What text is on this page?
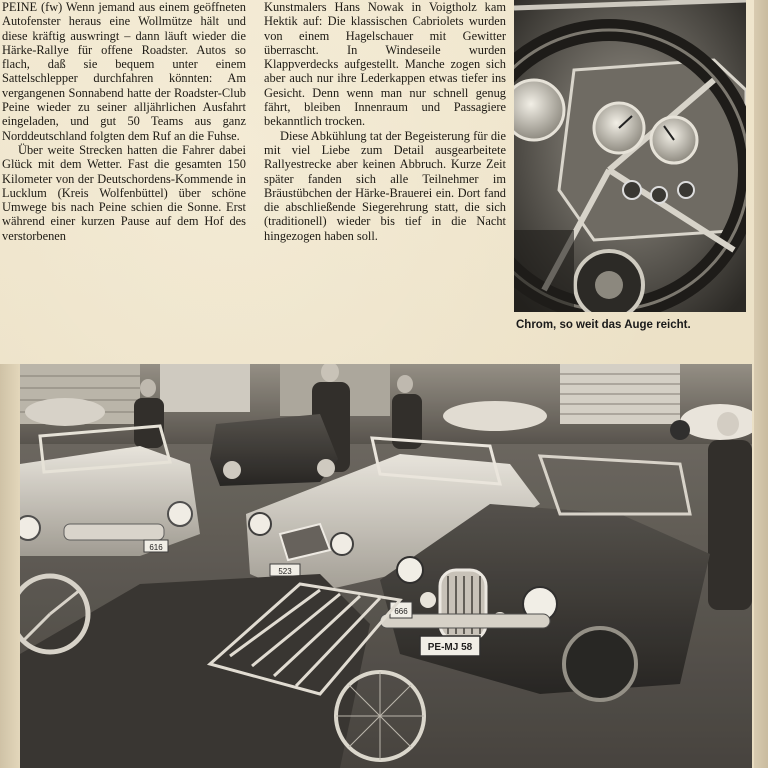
PEINE (fw) Wenn jemand aus einem geöffneten Autofenster heraus eine Wollmütze hält und diese kräftig auswringt – dann läuft wieder die Härke-Rallye für offene Roadster. Autos so flach, daß sie bequem unter einem Sattelschlepper durchfahren könnten: Am vergangenen Sonnabend hatte der Roadster-Club Peine wieder zu seiner alljährlichen Ausfahrt eingeladen, und gut 50 Teams aus ganz Norddeutschland folgten dem Ruf an die Fuhse.

Über weite Strecken hatten die Fahrer dabei Glück mit dem Wetter. Fast die gesamten 150 Kilometer von der Deutschordens-Kommende in Lucklum (Kreis Wolfenbüttel) über schöne Umwege bis nach Peine schien die Sonne. Erst während einer kurzen Pause auf dem Hof des verstorbenen

Kunstmalers Hans Nowak in Voigtholz kam Hektik auf: Die klassischen Cabriolets wurden von einem Hagelschauer mit Gewitter überrascht. In Windeseile wurden Klappverdecks aufgestellt. Manche zogen sich aber auch nur ihre Lederkappen etwas tiefer ins Gesicht. Denn wenn man nur schnell genug fährt, bleiben Innenraum und Passagiere bekanntlich trocken.

Diese Abkühlung tat der Begeisterung für die mit viel Liebe zum Detail ausgearbeitete Rallyestrecke aber keinen Abbruch. Kurze Zeit später fanden sich alle Teilnehmer im Bräustübchen der Härke-Brauerei ein. Dort fand die abschließende Siegerehrung statt, die sich (traditionell) wieder bis tief in die Nacht hingezogen haben soll.

Chrom, so weit das Auge reicht.
616
523
666
PE-MJ 58
